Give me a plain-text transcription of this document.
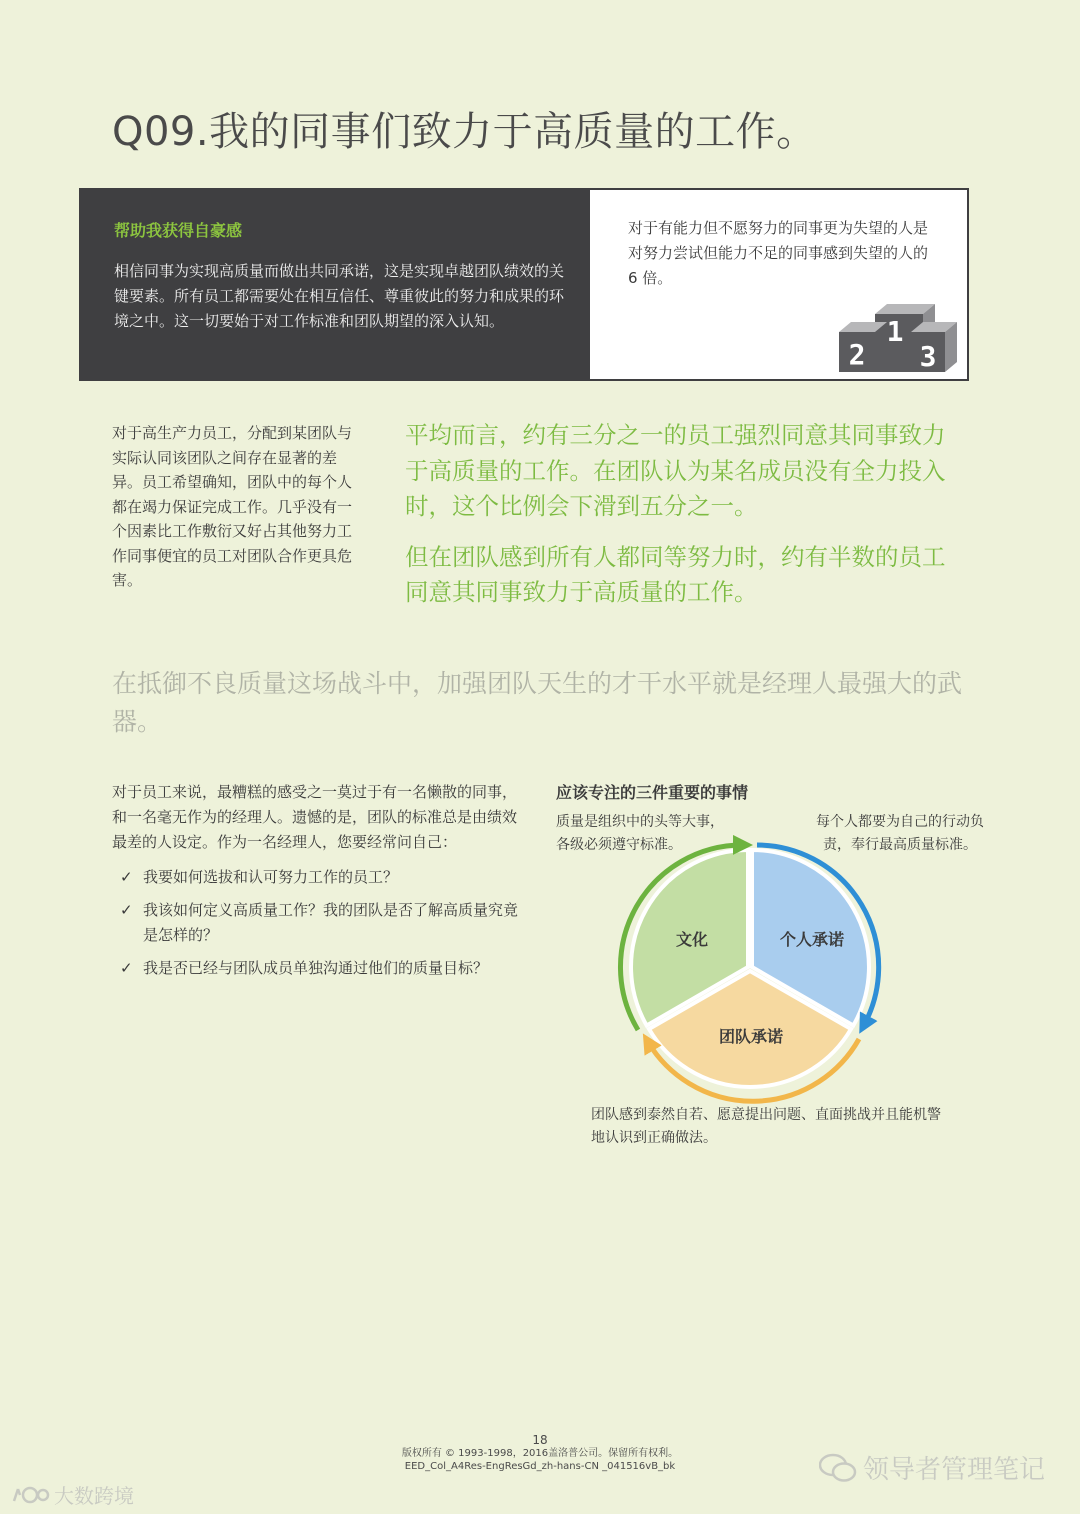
Q09.我的同事们致力于高质量的工作。
帮助我获得自豪感
相信同事为实现高质量而做出共同承诺，这是实现卓越团队绩效的关键要素。所有员工都需要处在相互信任、尊重彼此的努力和成果的环境之中。这一切要始于对工作标准和团队期望的深入认知。
对于有能力但不愿努力的同事更为失望的人是对努力尝试但能力不足的同事感到失望的人的 6 倍。
2
1
3
对于高生产力员工，分配到某团队与实际认同该团队之间存在显著的差异。员工希望确知，团队中的每个人都在竭力保证完成工作。几乎没有一个因素比工作敷衍又好占其他努力工作同事便宜的员工对团队合作更具危害。

平均而言，约有三分之一的员工强烈同意其同事致力于高质量的工作。在团队认为某名成员没有全力投入时，这个比例会下滑到五分之一。

但在团队感到所有人都同等努力时，约有半数的员工同意其同事致力于高质量的工作。

在抵御不良质量这场战斗中，加强团队天生的才干水平就是经理人最强大的武器。
对于员工来说，最糟糕的感受之一莫过于有一名懒散的同事，和一名毫无作为的经理人。遗憾的是，团队的标准总是由绩效最差的人设定。作为一名经理人，您要经常问自己：
✓ 我要如何选拔和认可努力工作的员工？
✓ 我该如何定义高质量工作？我的团队是否了解高质量究竟是怎样的？
✓ 我是否已经与团队成员单独沟通过他们的质量目标？
应该专注的三件重要的事情
质量是组织中的头等大事，各级必须遵守标准。
每个人都要为自己的行动负责，奉行最高质量标准。
团队感到泰然自若、愿意提出问题、直面挑战并且能机警地认识到正确做法。
文化	个人承诺
团队承诺
18
版权所有 © 1993-1998，2016盖洛普公司。保留所有权利。
EED_Col_A4Res-EngResGd_zh-hans-CN _041516vB_bk	领导者管理笔记
大数跨境
